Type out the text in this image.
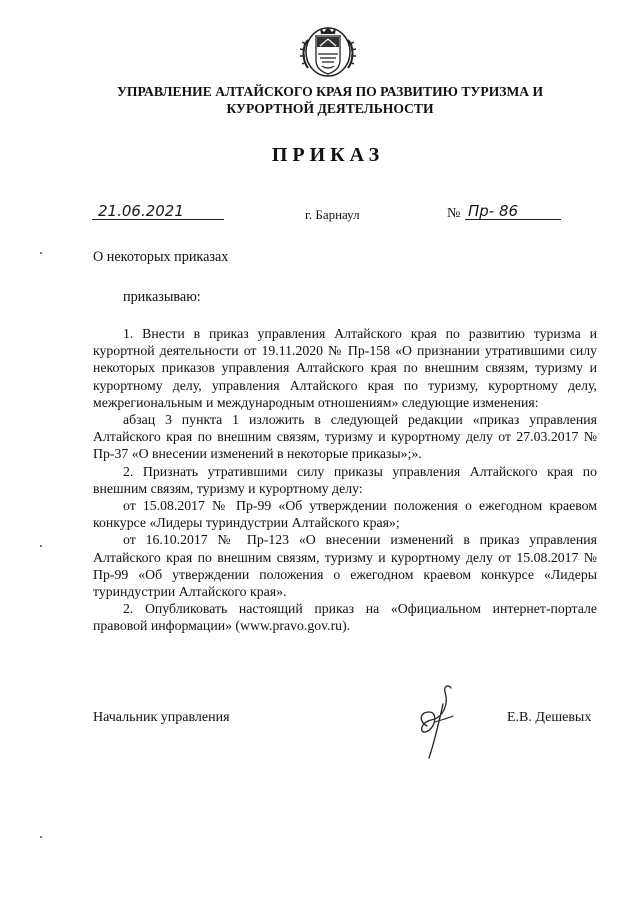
УПРАВЛЕНИЕ АЛТАЙСКОГО КРАЯ ПО РАЗВИТИЮ ТУРИЗМА И
КУРОРТНОЙ ДЕЯТЕЛЬНОСТИ
ПРИКАЗ
21.06.2021	г. Барнаул	№ Пр- 86
О некоторых приказах
приказываю:

1. Внести в приказ управления Алтайского края по развитию туризма и курортной деятельности от 19.11.2020 № Пр-158 «О признании утратившими силу некоторых приказов управления Алтайского края по внешним связям, туризму и курортному делу, управления Алтайского края по туризму, курортному делу, межрегиональным и международным отношениям» следующие изменения:

абзац 3 пункта 1 изложить в следующей редакции «приказ управления Алтайского края по внешним связям, туризму и курортному делу от 27.03.2017 № Пр-37 «О внесении изменений в некоторые приказы»;».

2. Признать утратившими силу приказы управления Алтайского края по внешним связям, туризму и курортному делу:

от 15.08.2017 № Пр-99 «Об утверждении положения о ежегодном краевом конкурсе «Лидеры туриндустрии Алтайского края»;

от 16.10.2017 № Пр-123 «О внесении изменений в приказ управления Алтайского края по внешним связям, туризму и курортному делу от 15.08.2017 № Пр-99 «Об утверждении положения о ежегодном краевом конкурсе «Лидеры туриндустрии Алтайского края».

2. Опубликовать настоящий приказ на «Официальном интернет-портале правовой информации» (www.pravo.gov.ru).

Начальник управления	Е.В. Дешевых
